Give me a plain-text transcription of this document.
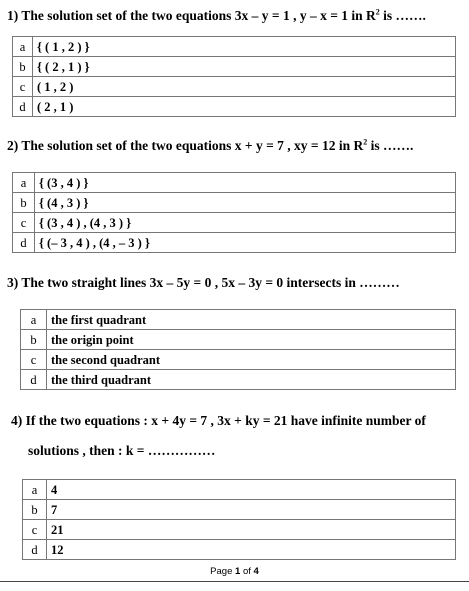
1) The solution set of the two equations 3x – y = 1 , y – x = 1 in $R^2$ is …….
a	{ ( 1 , 2 ) }
b	{ ( 2 , 1 ) }
c	( 1 , 2 )
d	( 2 , 1 )
2) The solution set of the two equations x + y = 7 , xy = 12 in $R^2$ is …….
a	{ (3 , 4 ) }
b	{ (4 , 3 ) }
c	{ (3 , 4 ) , (4 , 3 ) }
d	{ (– 3 , 4 ) , (4 , – 3 ) }
3) The two straight lines 3x – 5y = 0 , 5x – 3y = 0 intersects in ………
a	the first quadrant
b	the origin point
c	the second quadrant
d	the third quadrant
4) If the two equations : x + 4y = 7 , 3x + ky = 21 have infinite number of
solutions , then : k = ……………
a	4
b	7
c	21
d	12
Page 1 of 4
